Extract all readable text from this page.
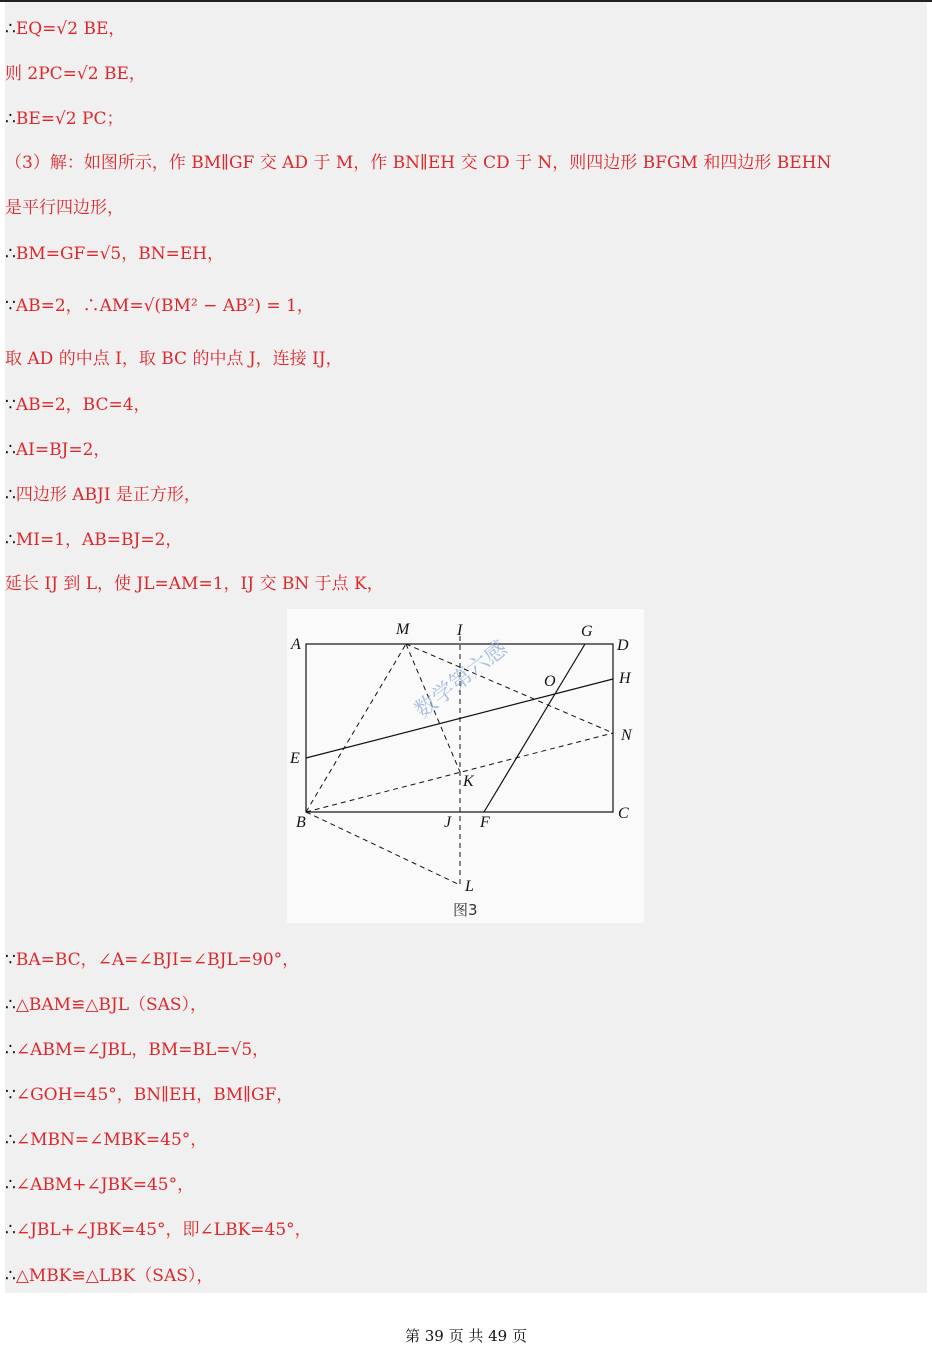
∴EQ=√2 BE，
则 2PC=√2 BE，
∴BE=√2 PC；
（3）解：如图所示，作 BM∥GF 交 AD 于 M，作 BN∥EH 交 CD 于 N，则四边形 BFGM 和四边形 BEHN
是平行四边形，
∴BM=GF=√5，BN=EH，
∵AB=2，∴AM=√(BM² − AB²) = 1，
取 AD 的中点 I，取 BC 的中点 J，连接 IJ，
∵AB=2，BC=4，
∴AI=BJ=2，
∴四边形 ABJI 是正方形，
∴MI=1，AB=BJ=2，
延长 IJ 到 L，使 JL=AM=1，IJ 交 BN 于点 K，
数学第六感
A
B
C
D
E
F
G
H
I
J
K
L
M
N
O
图3
∵BA=BC，∠A=∠BJI=∠BJL=90°，
∴△BAM≌△BJL（SAS），
∴∠ABM=∠JBL，BM=BL=√5，
∵∠GOH=45°，BN∥EH，BM∥GF，
∴∠MBN=∠MBK=45°，
∴∠ABM+∠JBK=45°，
∴∠JBL+∠JBK=45°，即∠LBK=45°，
∴△MBK≌△LBK（SAS），
第 39 页 共 49 页
